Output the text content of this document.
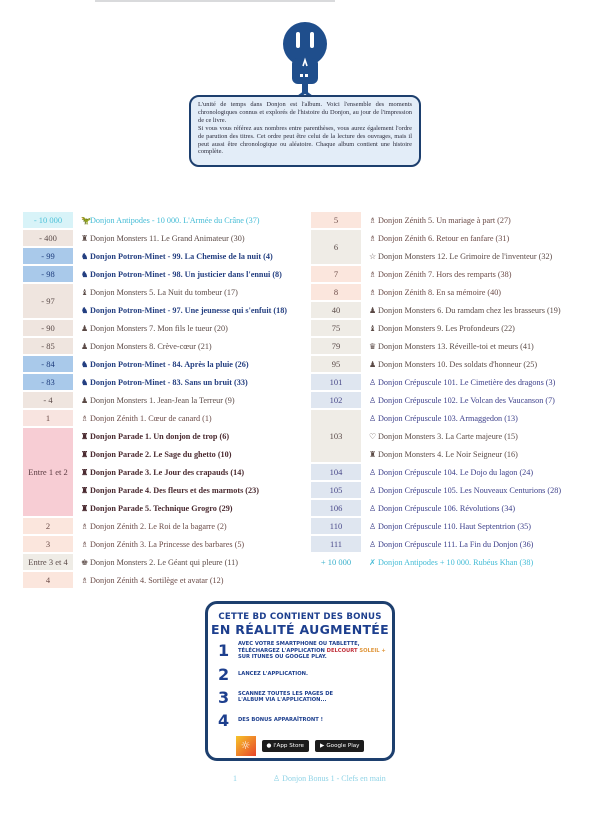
L'unité de temps dans Donjon est l'album. Voici l'ensemble des moments chronologiques connus et explorés de l'histoire du Donjon, au jour de l'impression de ce livre.

Si vous vous référez aux nombres entre parenthèses, vous aurez également l'ordre de parution des titres. Cet ordre peut être celui de la lecture des ouvrages, mais il peut aussi être chronologique ou aléatoire. Chaque album contient une histoire complète.

- 10 000	🦖 Donjon Antipodes - 10 000. L'Armée du Crâne (37)
- 400	♜ Donjon Monsters 11. Le Grand Animateur (30)
- 99	♞ Donjon Potron-Minet - 99. La Chemise de la nuit (4)
- 98	♞ Donjon Potron-Minet - 98. Un justicier dans l'ennui (8)
- 97
♝ Donjon Monsters 5. La Nuit du tombeur (17)
♞ Donjon Potron-Minet - 97. Une jeunesse qui s'enfuit (18)
- 90	♟ Donjon Monsters 7. Mon fils le tueur (20)
- 85	♟ Donjon Monsters 8. Crève-cœur (21)
- 84	♞ Donjon Potron-Minet - 84. Après la pluie (26)
- 83	♞ Donjon Potron-Minet - 83. Sans un bruit (33)
- 4	♟ Donjon Monsters 1. Jean-Jean la Terreur (9)
1	♗ Donjon Zénith 1. Cœur de canard (1)
Entre 1 et 2
♜ Donjon Parade 1. Un donjon de trop (6)
♜ Donjon Parade 2. Le Sage du ghetto (10)
♜ Donjon Parade 3. Le Jour des crapauds (14)
♜ Donjon Parade 4. Des fleurs et des marmots (23)
♜ Donjon Parade 5. Technique Grogro (29)
2	♗ Donjon Zénith 2. Le Roi de la bagarre (2)
3	♗ Donjon Zénith 3. La Princesse des barbares (5)
Entre 3 et 4	♚ Donjon Monsters 2. Le Géant qui pleure (11)
4	♗ Donjon Zénith 4. Sortilège et avatar (12)
5	♗ Donjon Zénith 5. Un mariage à part (27)
6
♗ Donjon Zénith 6. Retour en fanfare (31)
☆ Donjon Monsters 12. Le Grimoire de l'inventeur (32)
7	♗ Donjon Zénith 7. Hors des remparts (38)
8	♗ Donjon Zénith 8. En sa mémoire (40)
40	♟ Donjon Monsters 6. Du ramdam chez les brasseurs (19)
75	♝ Donjon Monsters 9. Les Profondeurs (22)
79	♛ Donjon Monsters 13. Réveille-toi et meurs (41)
95	♟ Donjon Monsters 10. Des soldats d'honneur (25)
101	♙ Donjon Crépuscule 101. Le Cimetière des dragons (3)
102	♙ Donjon Crépuscule 102. Le Volcan des Vaucanson (7)
103
♙ Donjon Crépuscule 103. Armaggedon (13)
♡ Donjon Monsters 3. La Carte majeure (15)
♜ Donjon Monsters 4. Le Noir Seigneur (16)
104	♙ Donjon Crépuscule 104. Le Dojo du lagon (24)
105	♙ Donjon Crépuscule 105. Les Nouveaux Centurions (28)
106	♙ Donjon Crépuscule 106. Révolutions (34)
110	♙ Donjon Crépuscule 110. Haut Septentrion (35)
111	♙ Donjon Crépuscule 111. La Fin du Donjon (36)
+ 10 000	✗ Donjon Antipodes + 10 000. Rubéus Khan (38)
CETTE BD CONTIENT DES BONUS
EN RÉALITÉ AUGMENTÉE
1	AVEC VOTRE SMARTPHONE OU TABLETTE,
TÉLÉCHARGEZ L'APPLICATION DELCOURT SOLEIL +
SUR ITUNES OU GOOGLE PLAY.
2	LANCEZ L'APPLICATION.
3	SCANNEZ TOUTES LES PAGES DE L'ALBUM VIA L'APPLICATION...
4	DES BONUS APPARAÎTRONT !
☼	● l'App Store	▶ Google Play
1	♙ Donjon Bonus 1 - Clefs en main
